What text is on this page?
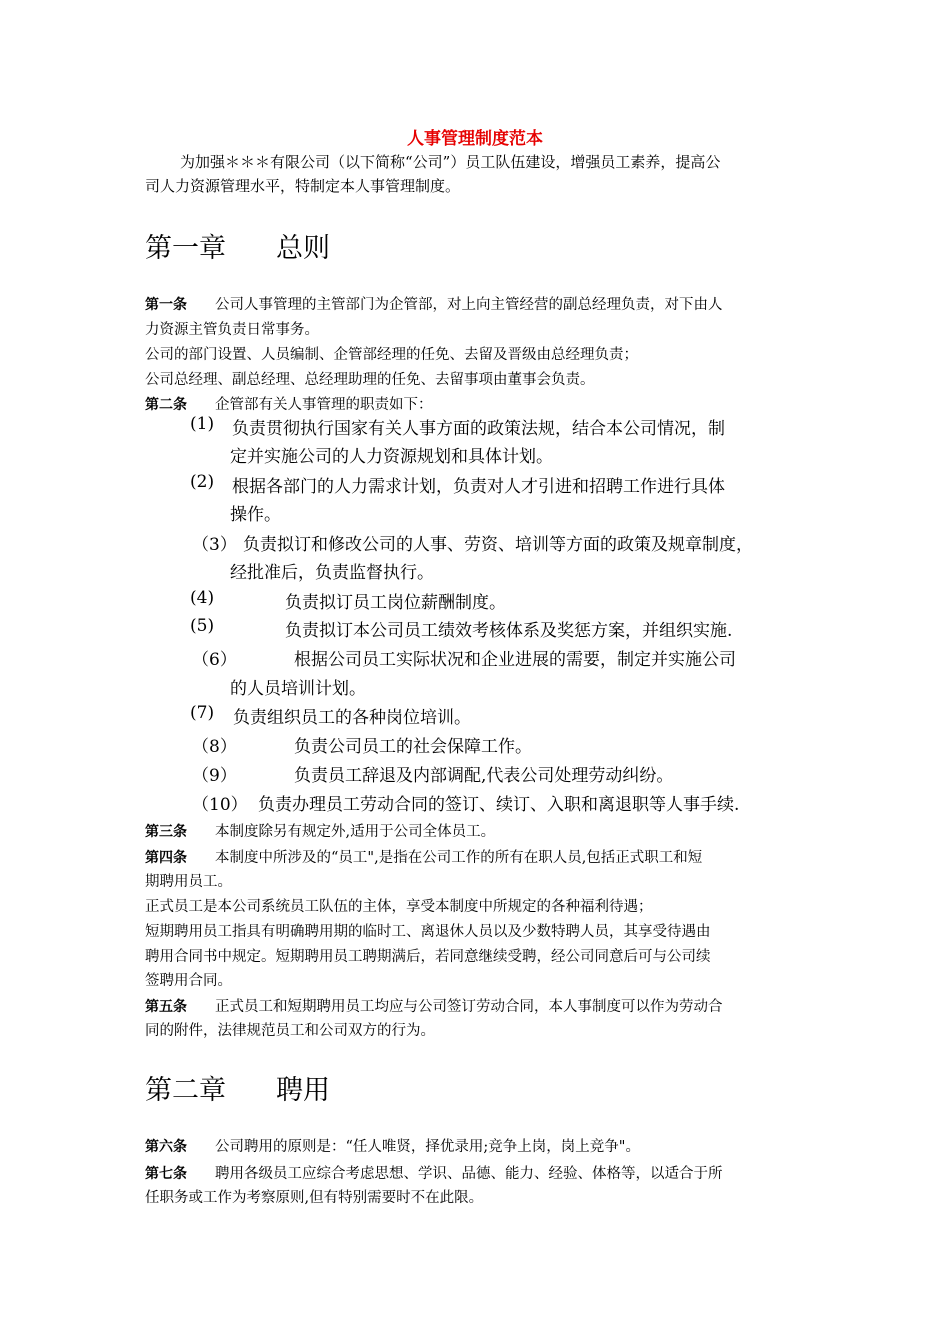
人事管理制度范本
为加强＊＊＊有限公司（以下简称“公司”）员工队伍建设，增强员工素养，提高公
司人力资源管理水平，特制定本人事管理制度。
第一章 总则
第一条 公司人事管理的主管部门为企管部，对上向主管经营的副总经理负责，对下由人
力资源主管负责日常事务。
公司的部门设置、人员编制、企管部经理的任免、去留及晋级由总经理负责；
公司总经理、副总经理、总经理助理的任免、去留事项由董事会负责。
第二条 企管部有关人事管理的职责如下：
(1) 负责贯彻执行国家有关人事方面的政策法规，结合本公司情况，制
定并实施公司的人力资源规划和具体计划。
(2) 根据各部门的人力需求计划，负责对人才引进和招聘工作进行具体
操作。
（3） 负责拟订和修改公司的人事、劳资、培训等方面的政策及规章制度，
经批准后，负责监督执行。
(4)	负责拟订员工岗位薪酬制度。
(5)	负责拟订本公司员工绩效考核体系及奖惩方案，并组织实施.
（6）	根据公司员工实际状况和企业进展的需要，制定并实施公司
的人员培训计划。
(7) 负责组织员工的各种岗位培训。
（8）	负责公司员工的社会保障工作。
（9）	负责员工辞退及内部调配,代表公司处理劳动纠纷。
（10） 负责办理员工劳动合同的签订、续订、入职和离退职等人事手续.
第三条 本制度除另有规定外,适用于公司全体员工。
第四条 本制度中所涉及的“员工",是指在公司工作的所有在职人员,包括正式职工和短
期聘用员工。
正式员工是本公司系统员工队伍的主体，享受本制度中所规定的各种福利待遇；
短期聘用员工指具有明确聘用期的临时工、离退休人员以及少数特聘人员，其享受待遇由
聘用合同书中规定。短期聘用员工聘期满后，若同意继续受聘，经公司同意后可与公司续
签聘用合同。
第五条 正式员工和短期聘用员工均应与公司签订劳动合同，本人事制度可以作为劳动合
同的附件，法律规范员工和公司双方的行为。
第二章 聘用
第六条 公司聘用的原则是：“任人唯贤，择优录用;竞争上岗，岗上竞争"。
第七条 聘用各级员工应综合考虑思想、学识、品德、能力、经验、体格等，以适合于所
任职务或工作为考察原则,但有特别需要时不在此限。
